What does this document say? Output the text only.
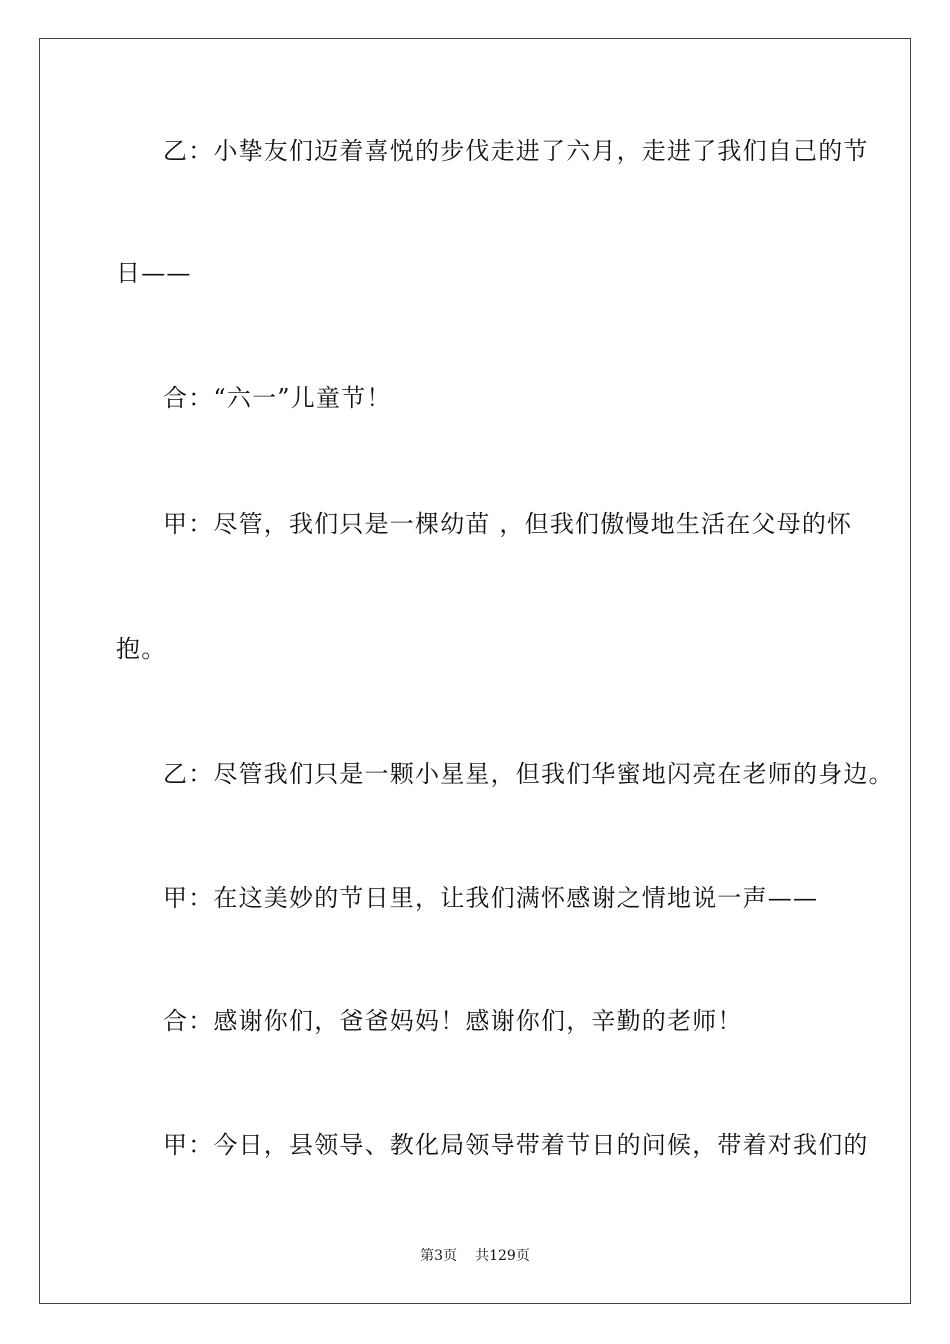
乙：小挚友们迈着喜悦的步伐走进了六月，走进了我们自己的节
日——
合：“六一”儿童节！
甲：尽管，我们只是一棵幼苗 ，但我们傲慢地生活在父母的怀
抱。
乙：尽管我们只是一颗小星星，但我们华蜜地闪亮在老师的身边。
甲：在这美妙的节日里，让我们满怀感谢之情地说一声——
合：感谢你们，爸爸妈妈！感谢你们，辛勤的老师！
甲：今日，县领导、教化局领导带着节日的问候，带着对我们的
第3页 共129页
